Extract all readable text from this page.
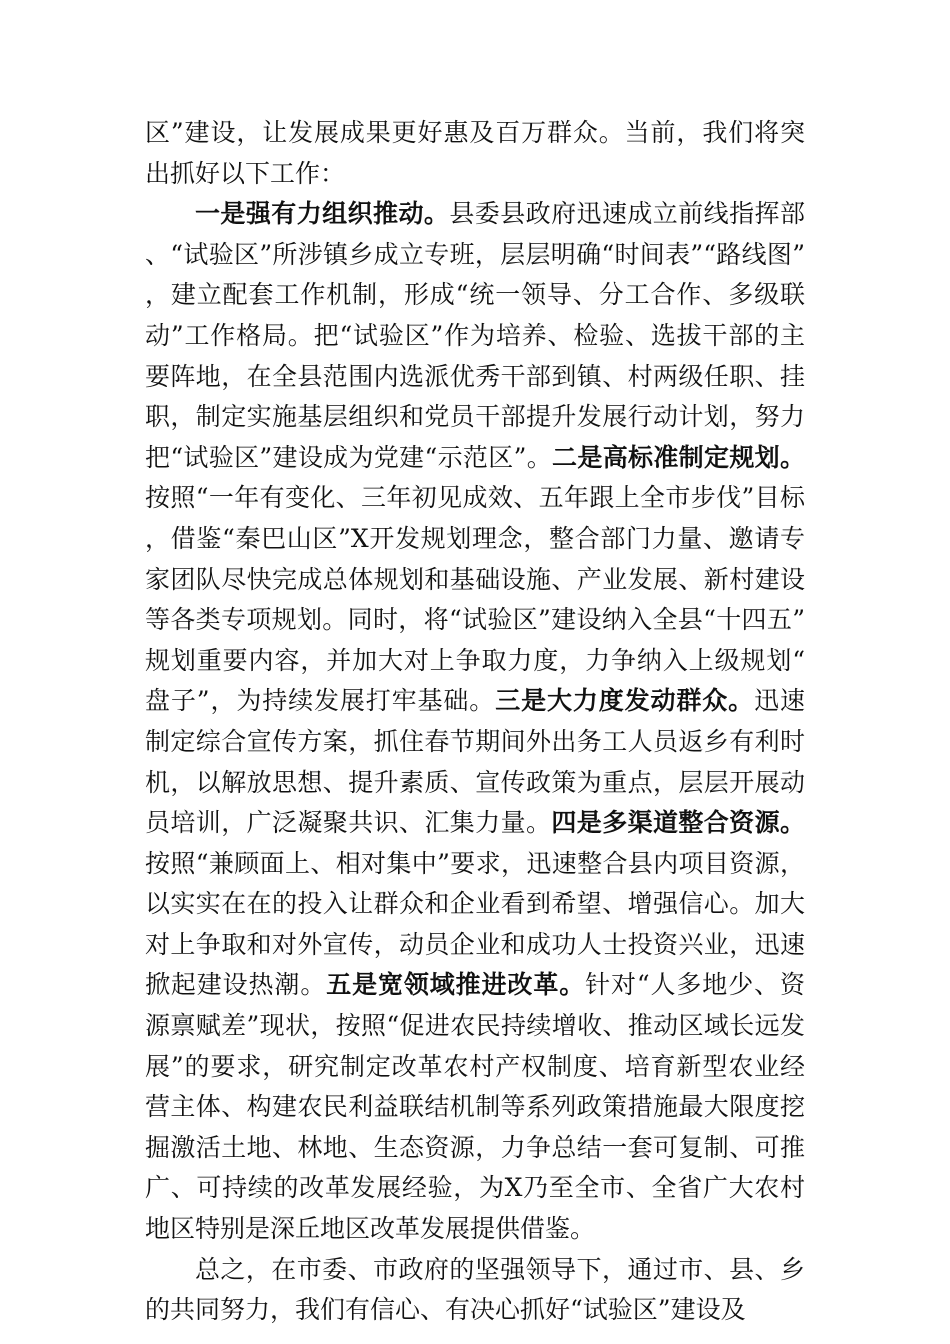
区”建设，让发展成果更好惠及百万群众。当前，我们将突出抓好以下工作：

一是强有力组织推动。县委县政府迅速成立前线指挥部、“试验区”所涉镇乡成立专班，层层明确“时间表”“路线图”，建立配套工作机制，形成“统一领导、分工合作、多级联动”工作格局。把“试验区”作为培养、检验、选拔干部的主要阵地，在全县范围内选派优秀干部到镇、村两级任职、挂职，制定实施基层组织和党员干部提升发展行动计划，努力把“试验区”建设成为党建“示范区”。二是高标准制定规划。按照“一年有变化、三年初见成效、五年跟上全市步伐”目标，借鉴“秦巴山区”X开发规划理念，整合部门力量、邀请专家团队尽快完成总体规划和基础设施、产业发展、新村建设等各类专项规划。同时，将“试验区”建设纳入全县“十四五”规划重要内容，并加大对上争取力度，力争纳入上级规划“盘子”，为持续发展打牢基础。三是大力度发动群众。迅速制定综合宣传方案，抓住春节期间外出务工人员返乡有利时机，以解放思想、提升素质、宣传政策为重点，层层开展动员培训，广泛凝聚共识、汇集力量。四是多渠道整合资源。按照“兼顾面上、相对集中”要求，迅速整合县内项目资源，以实实在在的投入让群众和企业看到希望、增强信心。加大对上争取和对外宣传，动员企业和成功人士投资兴业，迅速掀起建设热潮。五是宽领域推进改革。针对“人多地少、资源禀赋差”现状，按照“促进农民持续增收、推动区域长远发展”的要求，研究制定改革农村产权制度、培育新型农业经营主体、构建农民利益联结机制等系列政策措施最大限度挖掘激活土地、林地、生态资源，力争总结一套可复制、可推广、可持续的改革发展经验，为X乃至全市、全省广大农村地区特别是深丘地区改革发展提供借鉴。

总之，在市委、市政府的坚强领导下，通过市、县、乡的共同努力，我们有信心、有决心抓好“试验区”建设及
